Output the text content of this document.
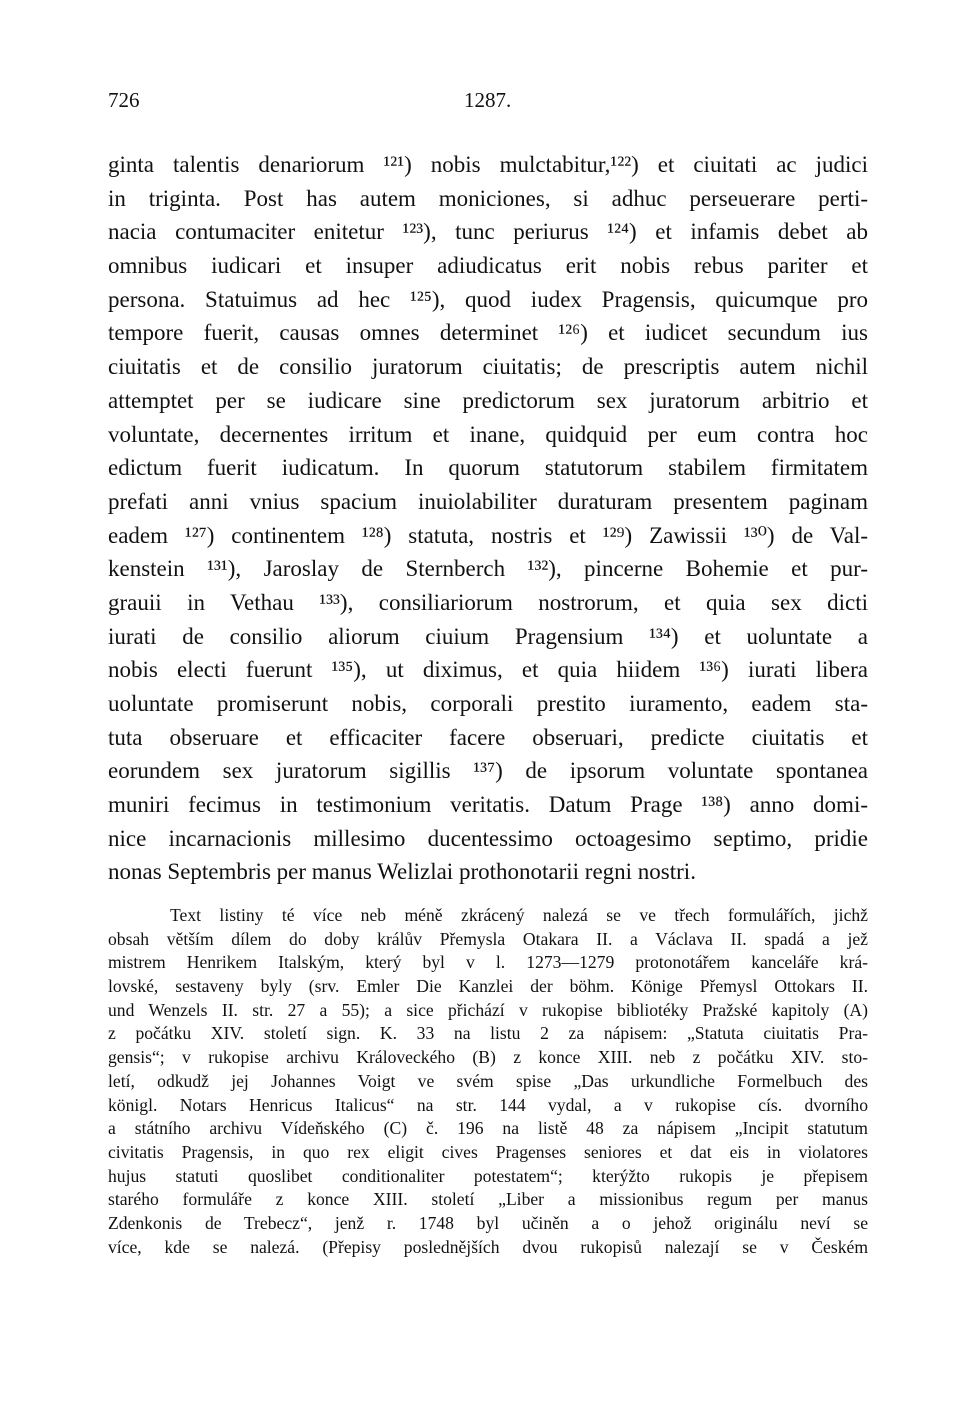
726	1287.
ginta talentis denariorum ¹²¹) nobis mulctabitur,¹²²) et ciuitati ac judici
in triginta. Post has autem moniciones, si adhuc perseuerare perti-
nacia contumaciter enitetur ¹²³), tunc periurus ¹²⁴) et infamis debet ab
omnibus iudicari et insuper adiudicatus erit nobis rebus pariter et
persona. Statuimus ad hec ¹²⁵), quod iudex Pragensis, quicumque pro
tempore fuerit, causas omnes determinet ¹²⁶) et iudicet secundum ius
ciuitatis et de consilio juratorum ciuitatis; de prescriptis autem nichil
attemptet per se iudicare sine predictorum sex juratorum arbitrio et
voluntate, decernentes irritum et inane, quidquid per eum contra hoc
edictum fuerit iudicatum. In quorum statutorum stabilem firmitatem
prefati anni vnius spacium inuiolabiliter duraturam presentem paginam
eadem ¹²⁷) continentem ¹²⁸) statuta, nostris et ¹²⁹) Zawissii ¹³⁰) de Val-
kenstein ¹³¹), Jaroslay de Sternberch ¹³²), pincerne Bohemie et pur-
grauii in Vethau ¹³³), consiliariorum nostrorum, et quia sex dicti
iurati de consilio aliorum ciuium Pragensium ¹³⁴) et uoluntate a
nobis electi fuerunt ¹³⁵), ut diximus, et quia hiidem ¹³⁶) iurati libera
uoluntate promiserunt nobis, corporali prestito iuramento, eadem sta-
tuta obseruare et efficaciter facere obseruari, predicte ciuitatis et
eorundem sex juratorum sigillis ¹³⁷) de ipsorum voluntate spontanea
muniri fecimus in testimonium veritatis. Datum Prage ¹³⁸) anno domi-
nice incarnacionis millesimo ducentessimo octoagesimo septimo, pridie
nonas Septembris per manus Welizlai prothonotarii regni nostri.
Text listiny té více neb méně zkrácený nalezá se ve třech formulářích, jichž
obsah větším dílem do doby králův Přemysla Otakara II. a Václava II. spadá a jež
mistrem Henrikem Italským, který byl v l. 1273—1279 protonotářem kanceláře krá-
lovské, sestaveny byly (srv. Emler Die Kanzlei der böhm. Könige Přemysl Ottokars II.
und Wenzels II. str. 27 a 55); a sice přichází v rukopise bibliotéky Pražské kapitoly (A)
z počátku XIV. století sign. K. 33 na listu 2 za nápisem: „Statuta ciuitatis Pra-
gensis“; v rukopise archivu Královeckého (B) z konce XIII. neb z počátku XIV. sto-
letí, odkudž jej Johannes Voigt ve svém spise „Das urkundliche Formelbuch des
königl. Notars Henricus Italicus“ na str. 144 vydal, a v rukopise cís. dvorního
a státního archivu Vídeňského (C) č. 196 na listě 48 za nápisem „Incipit statutum
civitatis Pragensis, in quo rex eligit cives Pragenses seniores et dat eis in violatores
hujus statuti quoslibet conditionaliter potestatem“; kterýžto rukopis je přepisem
starého formuláře z konce XIII. století „Liber a missionibus regum per manus
Zdenkonis de Trebecz“, jenž r. 1748 byl učiněn a o jehož originálu neví se
více, kde se nalezá. (Přepisy poslednějších dvou rukopisů nalezají se v Českém
